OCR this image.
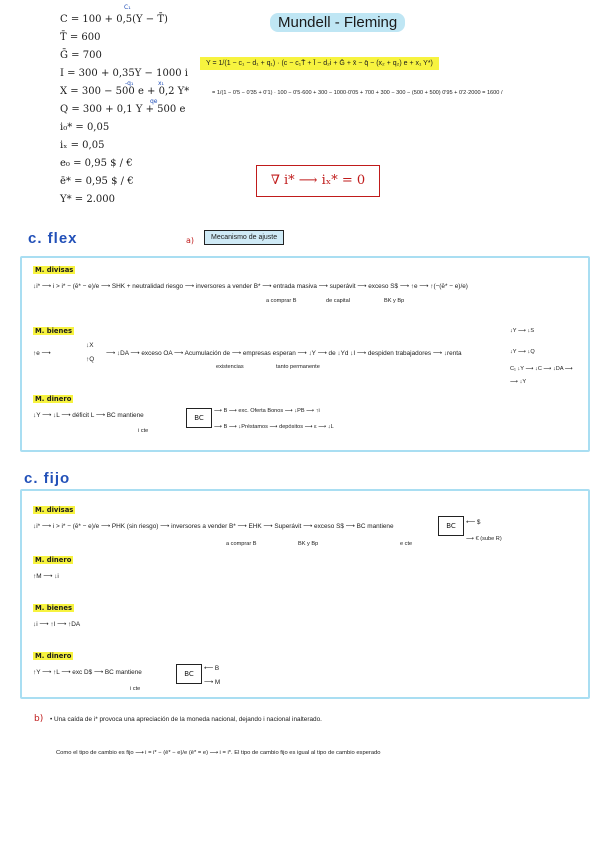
C = 100 + 0,5(Y − T̄)
T̄ = 600
Ḡ = 700
I = 300 + 0,35Y − 1000 i
X = 300 − 500 e + 0,2 Y*
Q = 300 + 0,1 Y + 500 e
i₀* = 0,05
iₓ = 0,05
e₀ = 0,95 $ / €
ē* = 0,95 $ / €
Y* = 2.000
C₁
-q₁	x₁
qe
Mundell - Fleming
Y = 1/(1 − c₁ − d₁ + q₁) · (c − c₁T̄ + Ī − d₂i + Ḡ + x̄ − q̄ − (x₂ + q₂) e + x₁ Y*)
= 1/(1 − 0'5 − 0'35 + 0'1) · 100 − 0'5·600 + 300 − 1000·0'05 + 700 + 300 − 300 − (500 + 500) 0'95 + 0'2·2000 = 1600 /
∇ i* ⟶ iₓ* = 0
c. flex	a)	Mecanismo de ajuste
M. divisas
↓i* ⟶ i > i* − (ē* − e)/e ⟶ SHK + neutralidad riesgo ⟶ inversores a vender B* ⟶ entrada masiva ⟶ superávit ⟶ exceso S$ ⟶ ↑e ⟶ ↑(−(ē* − e)/e)
a comprar B	de capital	BK y Bp
M. bienes
↑e ⟶
↓X
↑Q
⟶ ↓DA ⟶ exceso OA ⟶ Acumulación de ⟶ empresas esperan ⟶ ↓Y ⟶ de ↓Yd ↓I ⟶ despiden trabajadores ⟶ ↓renta
existencias	tanto permanente
↓Y ⟶ ↓S
↓Y ⟶ ↓Q
C₁ ↓Y ⟶ ↓C ⟶ ↓DA ⟶
⟶ ↓Y
M. dinero
↓Y ⟶ ↓L ⟶ déficit L ⟶ BC mantiene
i cte
BC
⟶ B ⟶ exc. Oferta Bonos ⟶ ↓PB ⟶ ↑i
⟶ B ⟶ ↓Préstamos ⟶ depósitos ⟶ ε ⟶ ↓L
c. fijo
M. divisas
↓i* ⟶ i > i* − (ē* − e)/e ⟶ PHK (sin riesgo) ⟶ inversores a vender B* ⟶ EHK ⟶ Superávit ⟶ exceso S$ ⟶ BC mantiene
a comprar B	BK y Bp	e cte
BC	⟵ $
⟶ € (sube R)
M. dinero
↑M ⟶ ↓i
M. bienes
↓i ⟶ ↑I ⟶ ↑DA
M. dinero
↑Y ⟶ ↑L ⟶ exc D$ ⟶ BC mantiene
i cte
BC
⟵ B
⟶ M
b) • Una caída de i* provoca una apreciación de la moneda nacional, dejando i nacional inalterado.
Como el tipo de cambio es fijo ⟶ i = i* − (ē* − e)/e (ē* = e) ⟶ i = i*. El tipo de cambio fijo es igual al tipo de cambio esperado
